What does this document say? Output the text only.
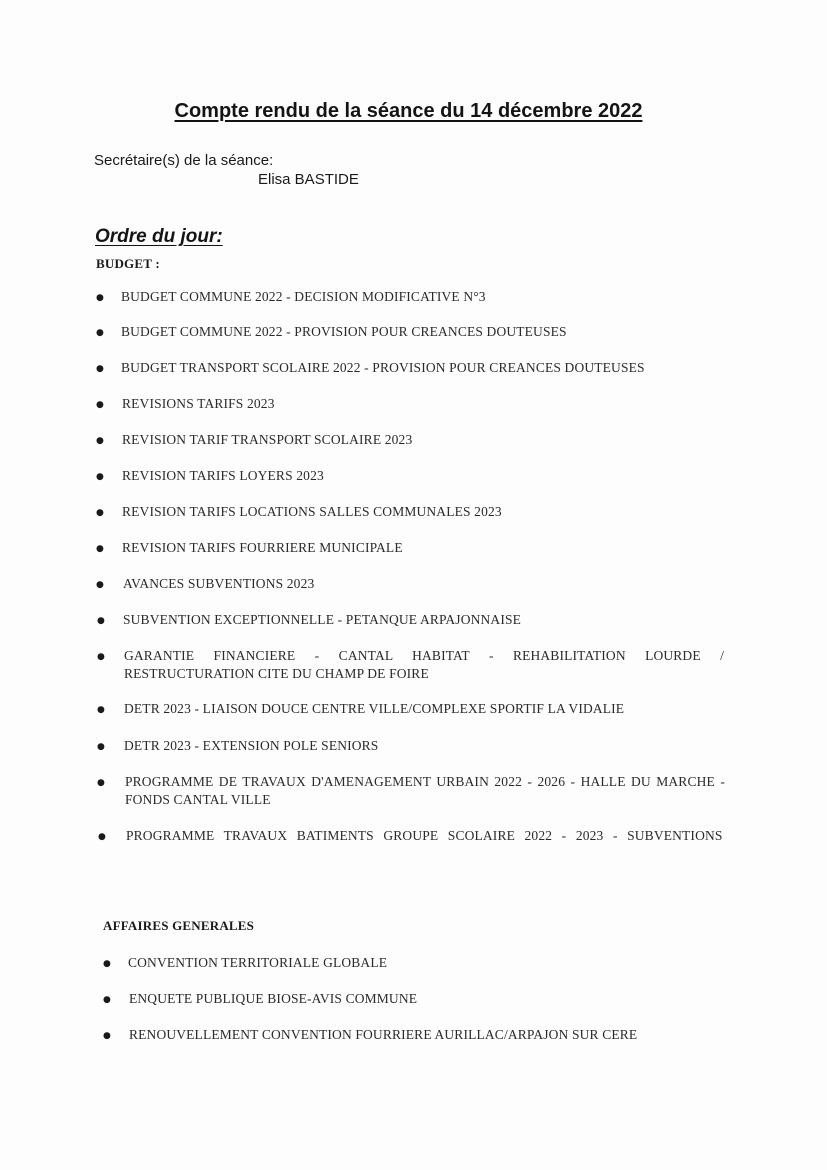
Compte rendu de la séance du 14 décembre 2022
Secrétaire(s) de la séance:
Elisa BASTIDE
Ordre du jour:
BUDGET :
● BUDGET COMMUNE 2022 - DECISION MODIFICATIVE N°3
● BUDGET COMMUNE 2022 - PROVISION POUR CREANCES DOUTEUSES
● BUDGET TRANSPORT SCOLAIRE 2022 - PROVISION POUR CREANCES DOUTEUSES
● REVISIONS TARIFS 2023
● REVISION TARIF TRANSPORT SCOLAIRE 2023
● REVISION TARIFS LOYERS 2023
● REVISION TARIFS LOCATIONS SALLES COMMUNALES 2023
● REVISION TARIFS FOURRIERE MUNICIPALE
● AVANCES SUBVENTIONS 2023
● SUBVENTION EXCEPTIONNELLE - PETANQUE ARPAJONNAISE
● GARANTIE FINANCIERE - CANTAL HABITAT - REHABILITATION LOURDE / RESTRUCTURATION CITE DU CHAMP DE FOIRE
● DETR 2023 - LIAISON DOUCE CENTRE VILLE/COMPLEXE SPORTIF LA VIDALIE
● DETR 2023 - EXTENSION POLE SENIORS
● PROGRAMME DE TRAVAUX D'AMENAGEMENT URBAIN 2022 - 2026 - HALLE DU MARCHE - FONDS CANTAL VILLE
● PROGRAMME TRAVAUX BATIMENTS GROUPE SCOLAIRE 2022 - 2023 - SUBVENTIONS
AFFAIRES GENERALES
● CONVENTION TERRITORIALE GLOBALE
● ENQUETE PUBLIQUE BIOSE-AVIS COMMUNE
● RENOUVELLEMENT CONVENTION FOURRIERE AURILLAC/ARPAJON SUR CERE
